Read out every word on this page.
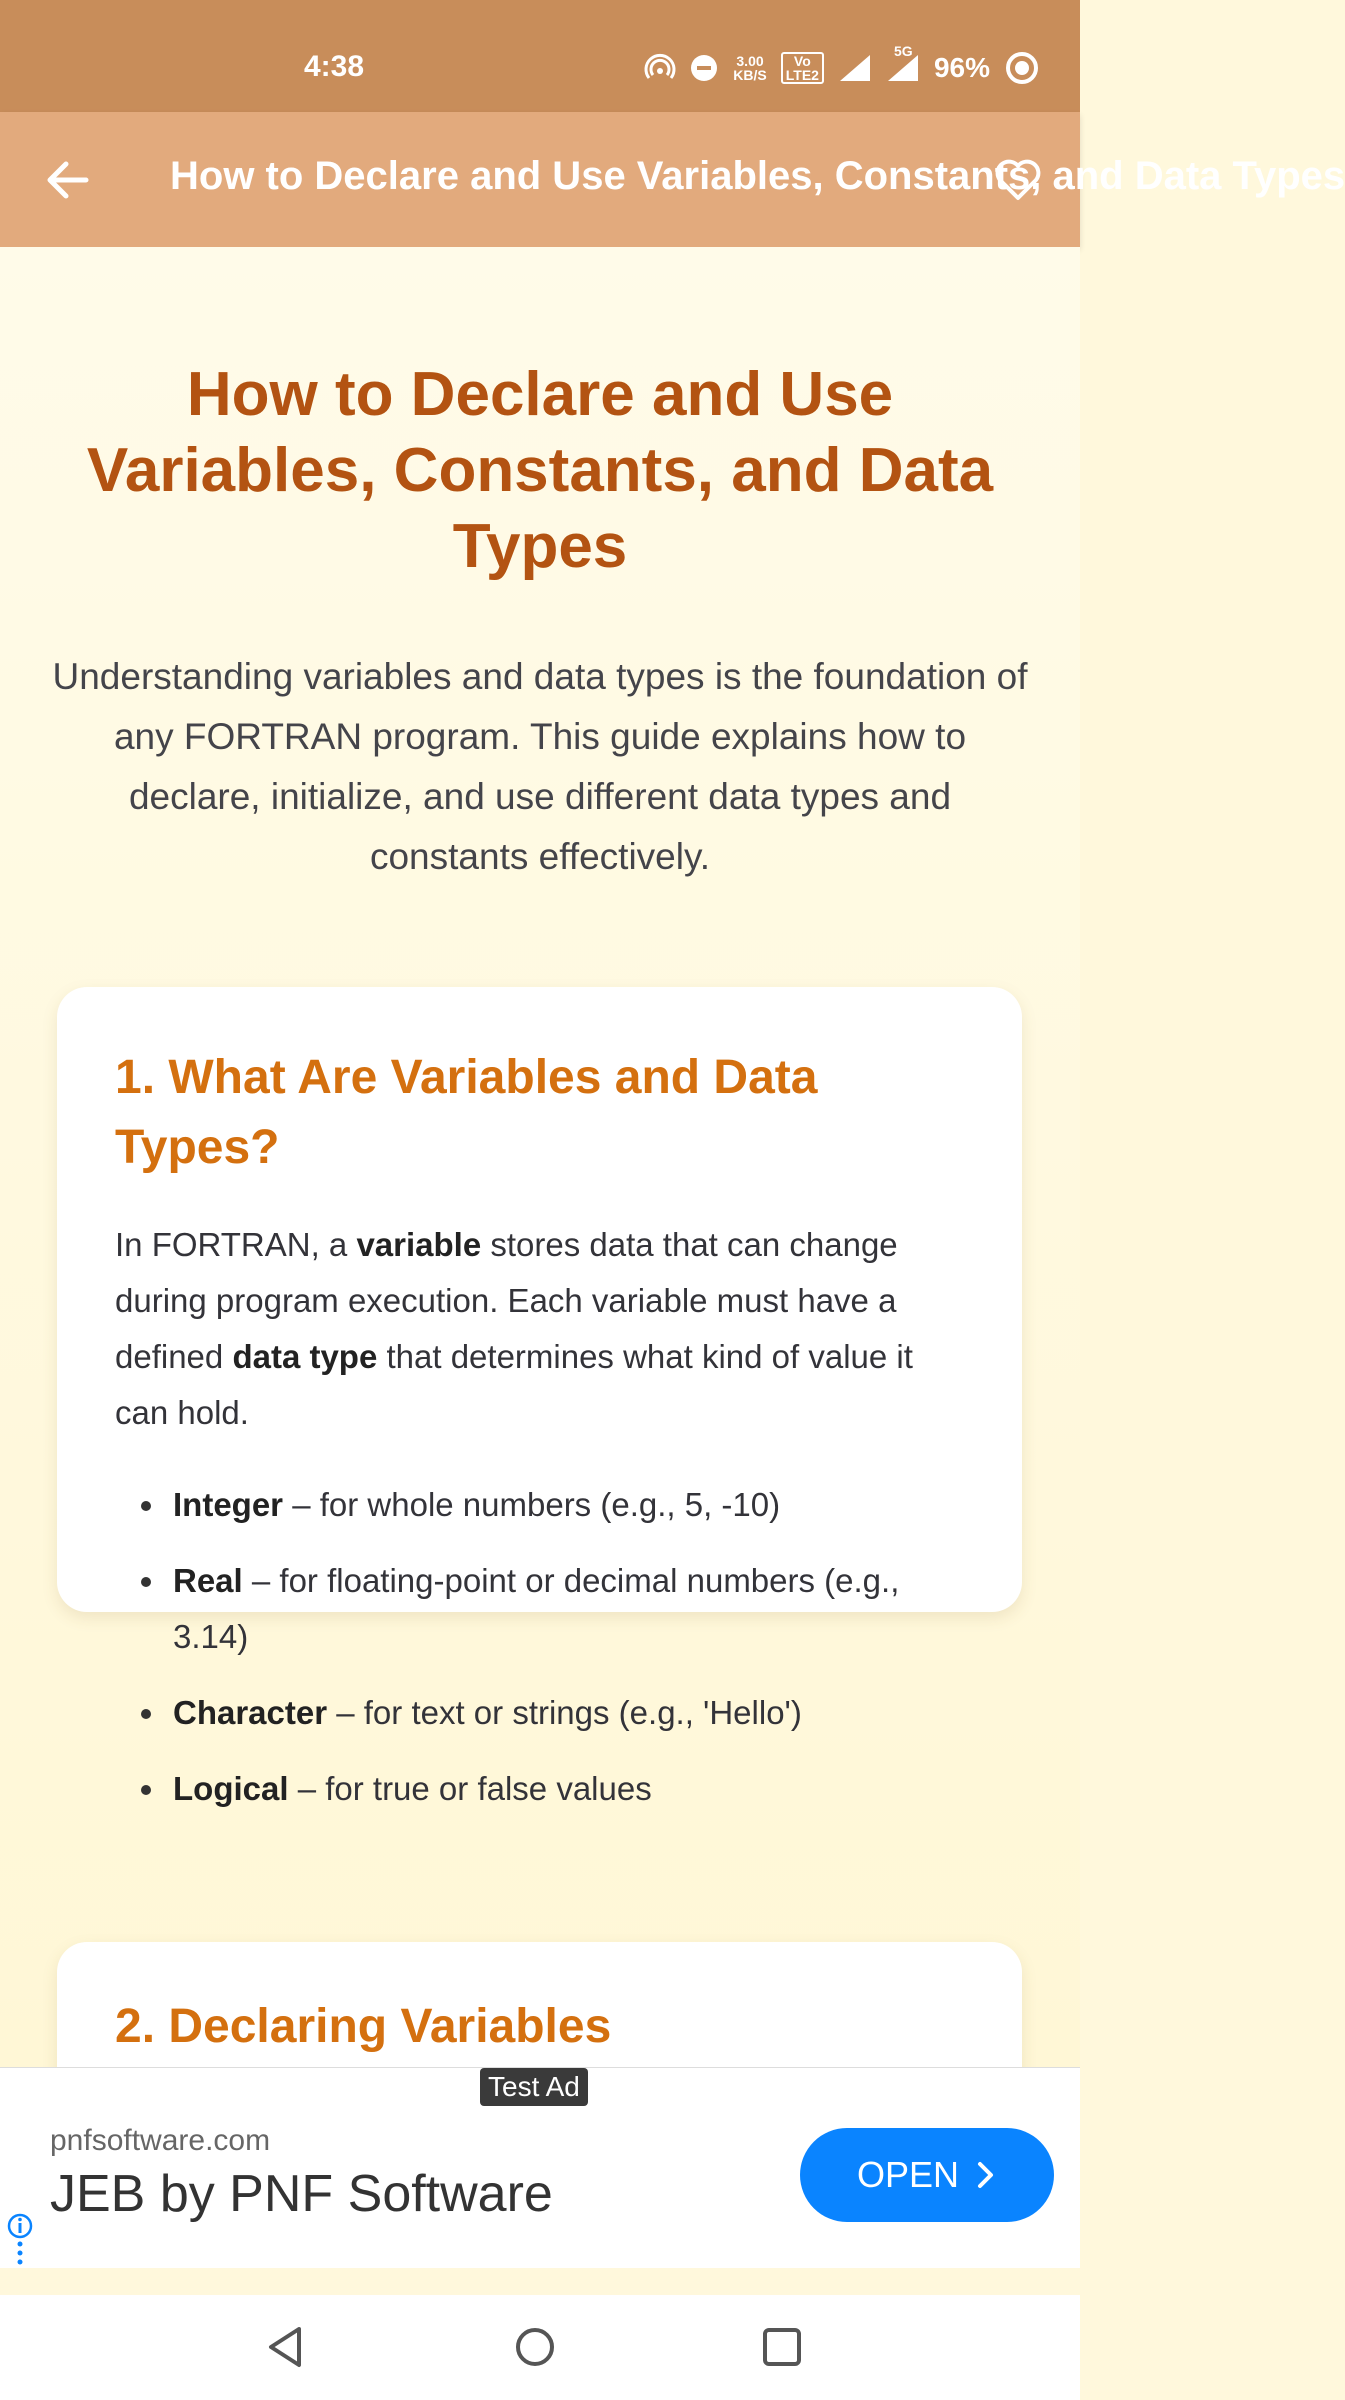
4:38	3.00
KB/S
Vo
LTE2
5G
96%
How to Declare and Use Variables, Constants, and Data Types
How to Declare and Use Variables, Constants, and Data Types
Understanding variables and data types is the foundation of any FORTRAN program. This guide explains how to declare, initialize, and use different data types and constants effectively.
1. What Are Variables and Data Types?
In FORTRAN, a variable stores data that can change during program execution. Each variable must have a defined data type that determines what kind of value it can hold.
Integer – for whole numbers (e.g., 5, -10)
Real – for floating-point or decimal numbers (e.g., 3.14)
Character – for text or strings (e.g., 'Hello')
Logical – for true or false values
2. Declaring Variables
Test Ad
pnfsoftware.com
JEB by PNF Software	OPEN
